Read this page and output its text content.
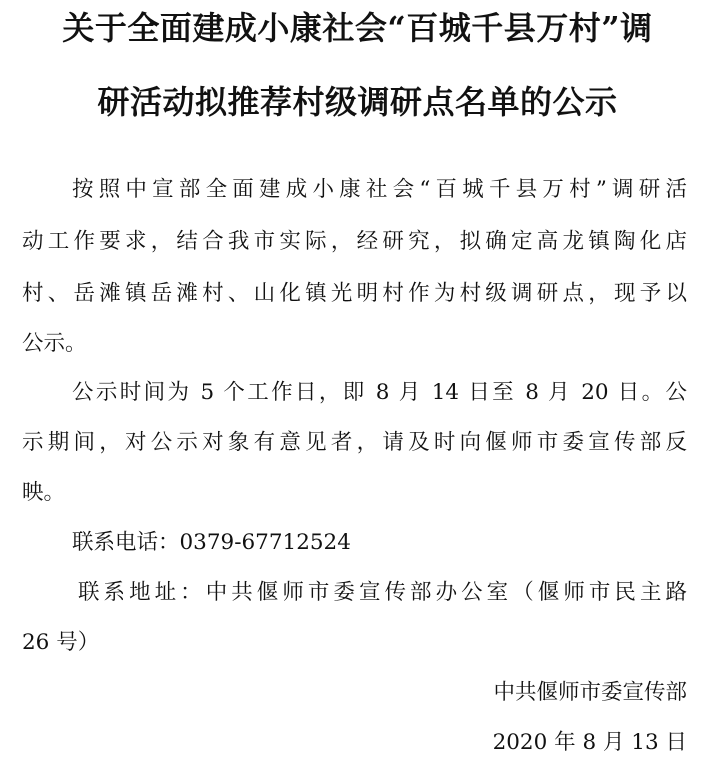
关于全面建成小康社会“百城千县万村”调
研活动拟推荐村级调研点名单的公示
按照中宣部全面建成小康社会“百城千县万村”调研活
动工作要求，结合我市实际，经研究，拟确定高龙镇陶化店
村、岳滩镇岳滩村、山化镇光明村作为村级调研点，现予以
公示。
公示时间为 5 个工作日，即 8 月 14 日至 8 月 20 日。公
示期间，对公示对象有意见者，请及时向偃师市委宣传部反
映。
联系电话：0379-67712524
联系地址：中共偃师市委宣传部办公室（偃师市民主路
26 号）
中共偃师市委宣传部
2020 年 8 月 13 日
